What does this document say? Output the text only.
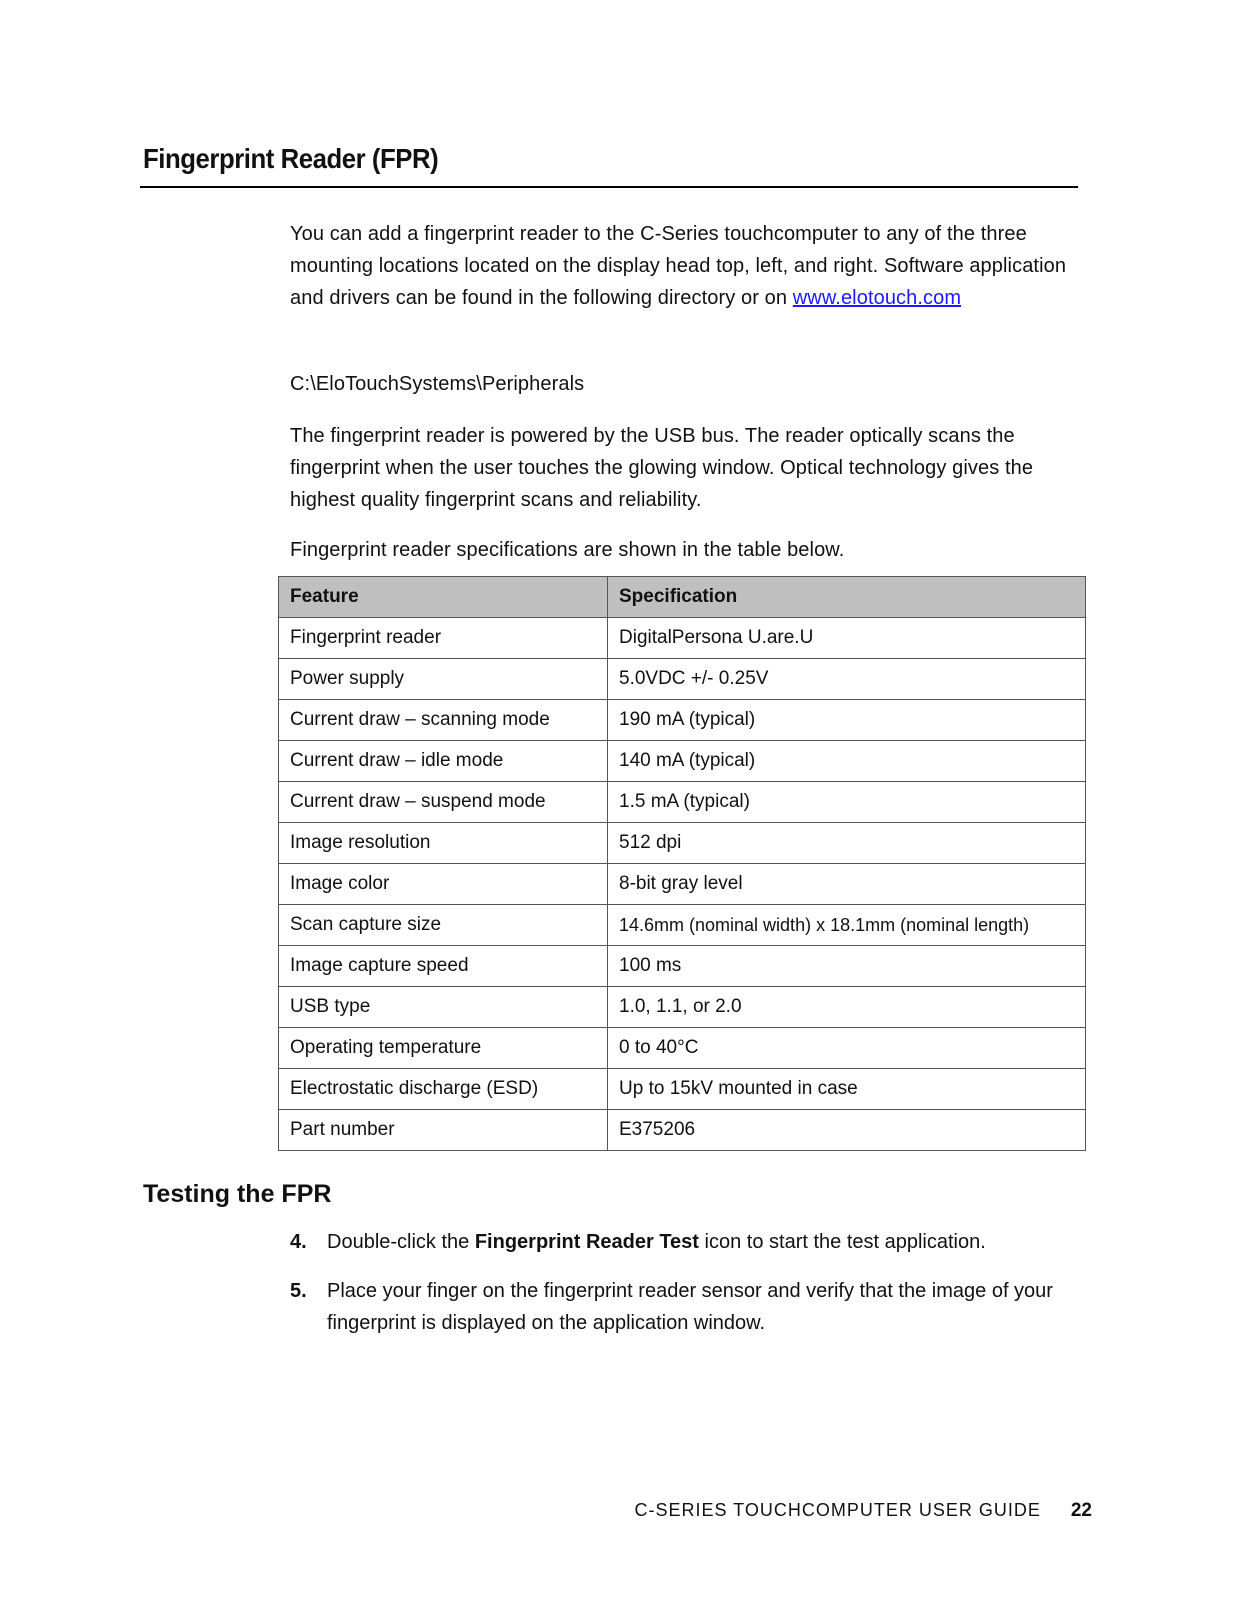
Fingerprint Reader (FPR)

You can add a fingerprint reader to the C-Series touchcomputer to any of the three mounting locations located on the display head top, left, and right. Software application and drivers can be found in the following directory or on www.elotouch.com

C:\EloTouchSystems\Peripherals

The fingerprint reader is powered by the USB bus. The reader optically scans the fingerprint when the user touches the glowing window. Optical technology gives the highest quality fingerprint scans and reliability.

Fingerprint reader specifications are shown in the table below.

Feature	Specification
Fingerprint reader	DigitalPersona U.are.U
Power supply	5.0VDC +/- 0.25V
Current draw – scanning mode	190 mA (typical)
Current draw – idle mode	140 mA (typical)
Current draw – suspend mode	1.5 mA (typical)
Image resolution	512 dpi
Image color	8-bit gray level
Scan capture size	14.6mm (nominal width) x 18.1mm (nominal length)
Image capture speed	100 ms
USB type	1.0, 1.1, or 2.0
Operating temperature	0 to 40°C
Electrostatic discharge (ESD)	Up to 15kV mounted in case
Part number	E375206
Testing the FPR

4. Double-click the Fingerprint Reader Test icon to start the test application.

5. Place your finger on the fingerprint reader sensor and verify that the image of your fingerprint is displayed on the application window.

C-SERIES TOUCHCOMPUTER USER GUIDE 22
